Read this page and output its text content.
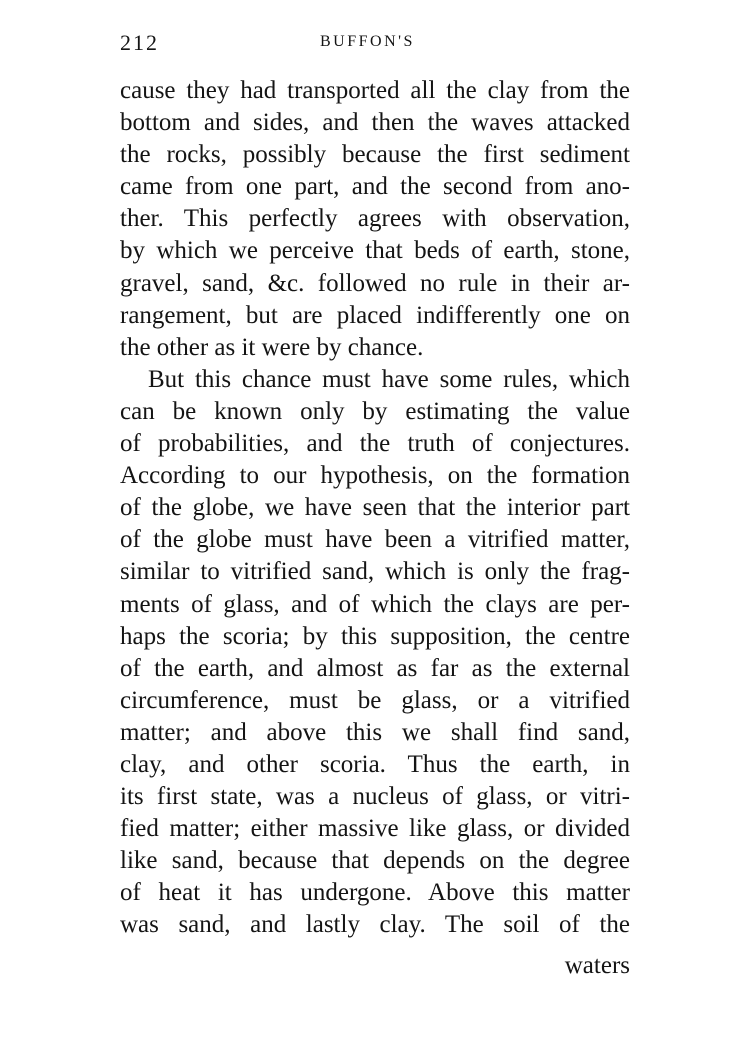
212	BUFFON'S
cause they had transported all the clay from the
bottom and sides, and then the waves attacked
the rocks, possibly because the first sediment
came from one part, and the second from ano-
ther. This perfectly agrees with observation,
by which we perceive that beds of earth, stone,
gravel, sand, &c. followed no rule in their ar-
rangement, but are placed indifferently one on
the other as it were by chance.
But this chance must have some rules, which
can be known only by estimating the value
of probabilities, and the truth of conjectures.
According to our hypothesis, on the formation
of the globe, we have seen that the interior part
of the globe must have been a vitrified matter,
similar to vitrified sand, which is only the frag-
ments of glass, and of which the clays are per-
haps the scoria; by this supposition, the centre
of the earth, and almost as far as the external
circumference, must be glass, or a vitrified
matter; and above this we shall find sand,
clay, and other scoria. Thus the earth, in
its first state, was a nucleus of glass, or vitri-
fied matter; either massive like glass, or divided
like sand, because that depends on the degree
of heat it has undergone. Above this matter
was sand, and lastly clay. The soil of the
waters
